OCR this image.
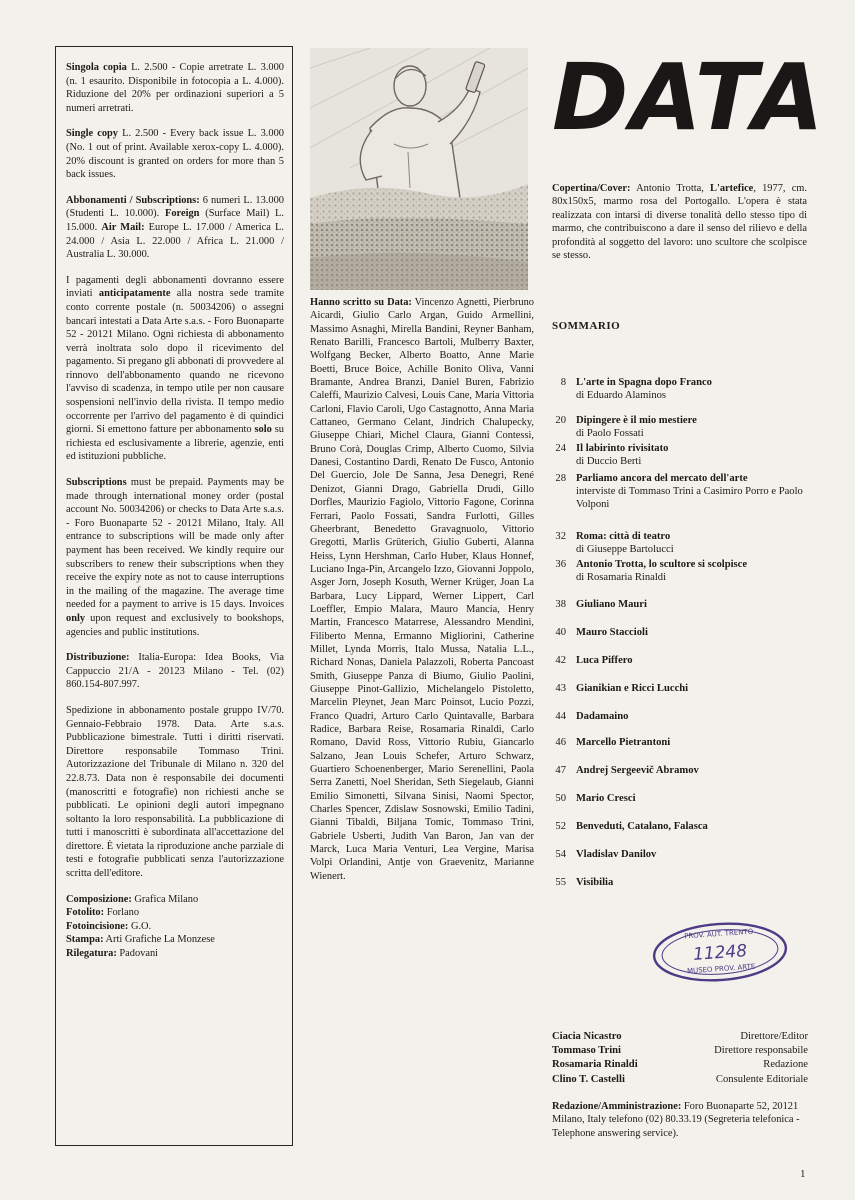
Singola copia L. 2.500 - Copie arretrate L. 3.000 (n. 1 esaurito. Disponibile in fotocopia a L. 4.000). Riduzione del 20% per ordinazioni superiori a 5 numeri arretrati.

Single copy L. 2.500 - Every back issue L. 3.000 (No. 1 out of print. Available xerox-copy L. 4.000). 20% discount is granted on orders for more than 5 back issues.

Abbonamenti / Subscriptions: 6 numeri L. 13.000 (Studenti L. 10.000). Foreign (Surface Mail) L. 15.000. Air Mail: Europe L. 17.000 / America L. 24.000 / Asia L. 22.000 / Africa L. 21.000 / Australia L. 30.000.

I pagamenti degli abbonamenti dovranno essere inviati anticipatamente alla nostra sede tramite conto corrente postale (n. 50034206) o assegni bancari intestati a Data Arte s.a.s. - Foro Buonaparte 52 - 20121 Milano. Ogni richiesta di abbonamento verrà inoltrata solo dopo il ricevimento del pagamento. Si pregano gli abbonati di provvedere al rinnovo dell'abbonamento quando ne ricevono l'avviso di scadenza, in tempo utile per non causare sospensioni nell'invio della rivista. Il tempo medio occorrente per l'arrivo del pagamento è di quindici giorni. Si emettono fatture per abbonamento solo su richiesta ed esclusivamente a librerie, agenzie, enti ed istituzioni pubbliche.

Subscriptions must be prepaid. Payments may be made through international money order (postal account No. 50034206) or checks to Data Arte s.a.s. - Foro Buonaparte 52 - 20121 Milano, Italy. All entrance to subscriptions will be made only after payment has been received. We kindly require our subscribers to renew their subscriptions when they receive the expiry note as not to cause interruptions in the mailing of the magazine. The average time needed for a payment to arrive is 15 days. Invoices only upon request and exclusively to bookshops, agencies and public institutions.

Distribuzione: Italia-Europa: Idea Books, Via Cappuccio 21/A - 20123 Milano - Tel. (02) 860.154-807.997.

Spedizione in abbonamento postale gruppo IV/70. Gennaio-Febbraio 1978. Data. Arte s.a.s. Pubblicazione bimestrale. Tutti i diritti riservati. Direttore responsabile Tommaso Trini. Autorizzazione del Tribunale di Milano n. 320 del 22.8.73. Data non è responsabile dei documenti (manoscritti e fotografie) non richiesti anche se pubblicati. Le opinioni degli autori impegnano soltanto la loro responsabilità. La pubblicazione di tutti i manoscritti è subordinata all'accettazione del direttore. È vietata la riproduzione anche parziale di testi e fotografie pubblicati senza l'autorizzazione scritta dell'editore.

Composizione: Grafica Milano

Fotolito: Forlano

Fotoincisione: G.O.

Stampa: Arti Grafiche La Monzese

Rilegatura: Padovani

Hanno scritto su Data: Vincenzo Agnetti, Pierbruno Aicardi, Giulio Carlo Argan, Guido Armellini, Massimo Asnaghi, Mirella Bandini, Reyner Banham, Renato Barilli, Francesco Bartoli, Mulberry Baxter, Wolfgang Becker, Alberto Boatto, Anne Marie Boetti, Bruce Boice, Achille Bonito Oliva, Vanni Bramante, Andrea Branzi, Daniel Buren, Fabrizio Caleffi, Maurizio Calvesi, Louis Cane, Maria Vittoria Carloni, Flavio Caroli, Ugo Castagnotto, Anna Maria Cattaneo, Germano Celant, Jindrich Chalupecky, Giuseppe Chiari, Michel Claura, Gianni Contessi, Bruno Corà, Douglas Crimp, Alberto Cuomo, Silvia Danesi, Costantino Dardi, Renato De Fusco, Antonio Del Guercio, Jole De Sanna, Jesa Denegri, René Denizot, Gianni Drago, Gabriella Drudi, Gillo Dorfles, Maurizio Fagiolo, Vittorio Fagone, Corinna Ferrari, Paolo Fossati, Sandra Furlotti, Gilles Gheerbrant, Benedetto Gravagnuolo, Vittorio Gregotti, Marlis Grüterich, Giulio Guberti, Alanna Heiss, Lynn Hershman, Carlo Huber, Klaus Honnef, Luciano Inga-Pin, Arcangelo Izzo, Giovanni Joppolo, Asger Jorn, Joseph Kosuth, Werner Krüger, Joan La Barbara, Lucy Lippard, Werner Lippert, Carl Loeffler, Empio Malara, Mauro Mancia, Henry Martin, Francesco Matarrese, Alessandro Mendini, Filiberto Menna, Ermanno Migliorini, Catherine Millet, Lynda Morris, Italo Mussa, Natalia L.L., Richard Nonas, Daniela Palazzoli, Roberta Pancoast Smith, Giuseppe Panza di Biumo, Giulio Paolini, Giuseppe Pinot-Gallizio, Michelangelo Pistoletto, Marcelin Pleynet, Jean Marc Poinsot, Lucio Pozzi, Franco Quadri, Arturo Carlo Quintavalle, Barbara Radice, Barbara Reise, Rosamaria Rinaldi, Carlo Romano, David Ross, Vittorio Rubiu, Giancarlo Salzano, Jean Louis Schefer, Arturo Schwarz, Guartiero Schoenenberger, Mario Serenellini, Paola Serra Zanetti, Noel Sheridan, Seth Siegelaub, Gianni Emilio Simonetti, Silvana Sinisi, Naomi Spector, Charles Spencer, Zdislaw Sosnowski, Emilio Tadini, Gianni Tibaldi, Biljana Tomic, Tommaso Trini, Gabriele Usberti, Judith Van Baron, Jan van der Marck, Luca Maria Venturi, Lea Vergine, Marisa Volpi Orlandini, Antje von Graevenitz, Marianne Wienert.
DATA
Copertina/Cover: Antonio Trotta, L'artefice, 1977, cm. 80x150x5, marmo rosa del Portogallo. L'opera è stata realizzata con intarsi di diverse tonalità dello stesso tipo di marmo, che contribuiscono a dare il senso del rilievo e della profondità al soggetto del lavoro: uno scultore che scolpisce se stesso.
SOMMARIO
8 L'arte in Spagna dopo Franco
di Eduardo Alaminos
20 Dipingere è il mio mestiere
di Paolo Fossati
24 Il labirinto rivisitato
di Duccio Berti
28 Parliamo ancora del mercato dell'arte
interviste di Tommaso Trini a Casimiro Porro e Paolo Volponi
32 Roma: città di teatro
di Giuseppe Bartolucci
36 Antonio Trotta, lo scultore si scolpisce
di Rosamaria Rinaldi
38 Giuliano Mauri
40 Mauro Staccioli
42 Luca Piffero
43 Gianikian e Ricci Lucchi
44 Dadamaino
46 Marcello Pietrantoni
47 Andrej Sergeevič Abramov
50 Mario Cresci
52 Benveduti, Catalano, Falasca
54 Vladislav Danilov
55 Visibilia
PROV. AUT. TRENTO
11248
MUSEO PROV. ARTE
Ciacia Nicastro	Direttore/Editor
Tommaso Trini	Direttore responsabile
Rosamaria Rinaldi	Redazione
Clino T. Castelli	Consulente Editoriale
Redazione/Amministrazione: Foro Buonaparte 52, 20121 Milano, Italy telefono (02) 80.33.19 (Segreteria telefonica - Telephone answering service).
1
